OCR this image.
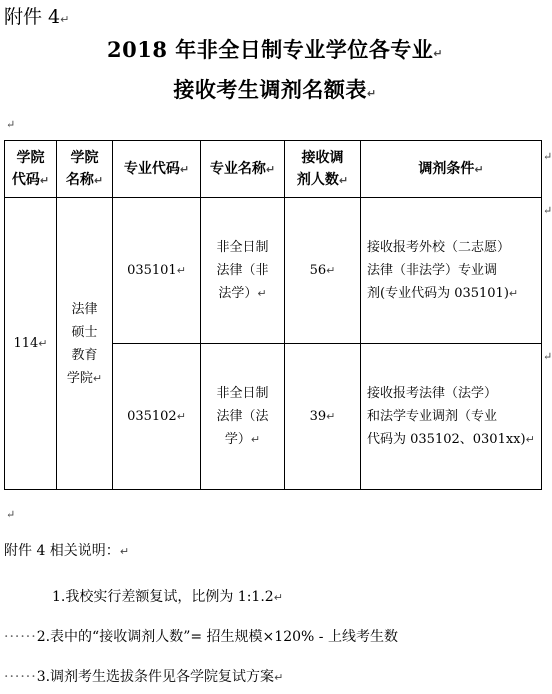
附件 4↵
2018 年非全日制专业学位各专业↵
接收考生调剂名额表↵
↵
学院
代码↵	学院
名称↵	专业代码↵	专业名称↵	接收调
剂人数↵	调剂条件↵
114↵	法律
硕士
教育
学院↵	035101↵	非全日制
法律（非
法学）↵	56↵	接收报考外校（二志愿）
法律（非法学）专业调
剂(专业代码为 035101)↵
		035102↵	非全日制
法律（法
学）↵	39↵	接收报考法律（法学）
和法学专业调剂（专业
代码为 035102、0301xx)↵
↵
↵
↵
↵
附件 4 相关说明：↵
1.我校实行差额复试，比例为 1:1.2↵
······2.表中的“接收调剂人数”= 招生规模×120% - 上线考生数
······3.调剂考生选拔条件见各学院复试方案↵
